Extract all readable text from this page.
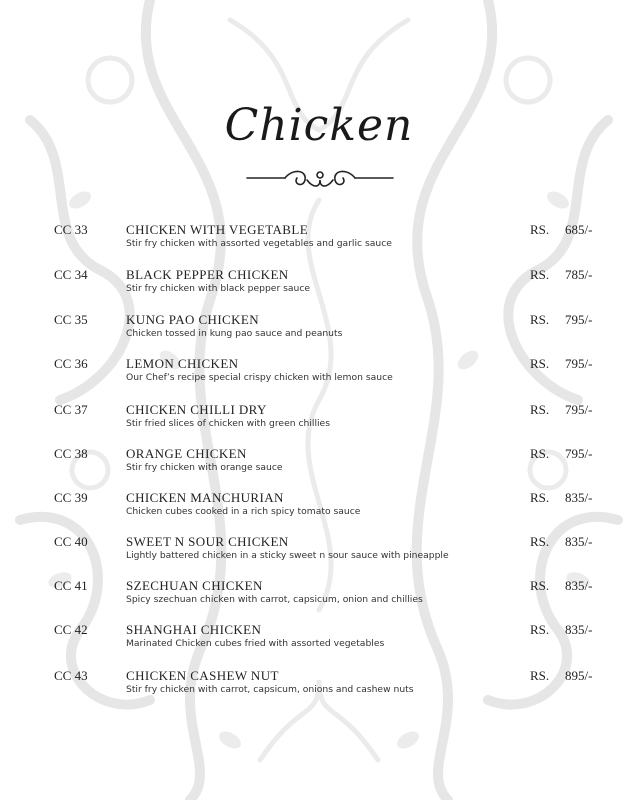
Chicken
CC 33	CHICKEN WITH VEGETABLE
Stir fry chicken with assorted vegetables and garlic sauce
RS. 685/-
CC 34	BLACK PEPPER CHICKEN
Stir fry chicken with black pepper sauce
RS. 785/-
CC 35	KUNG PAO CHICKEN
Chicken tossed in kung pao sauce and peanuts
RS. 795/-
CC 36	LEMON CHICKEN
Our Chef’s recipe special crispy chicken with lemon sauce
RS. 795/-
CC 37	CHICKEN CHILLI DRY
Stir fried slices of chicken with green chillies
RS. 795/-
CC 38	ORANGE CHICKEN
Stir fry chicken with orange sauce
RS. 795/-
CC 39	CHICKEN MANCHURIAN
Chicken cubes cooked in a rich spicy tomato sauce
RS. 835/-
CC 40	SWEET N SOUR CHICKEN
Lightly battered chicken in a sticky sweet n sour sauce with pineapple
RS. 835/-
CC 41	SZECHUAN CHICKEN
Spicy szechuan chicken with carrot, capsicum, onion and chillies
RS. 835/-
CC 42	SHANGHAI CHICKEN
Marinated Chicken cubes fried with assorted vegetables
RS. 835/-
CC 43	CHICKEN CASHEW NUT
Stir fry chicken with carrot, capsicum, onions and cashew nuts
RS. 895/-
